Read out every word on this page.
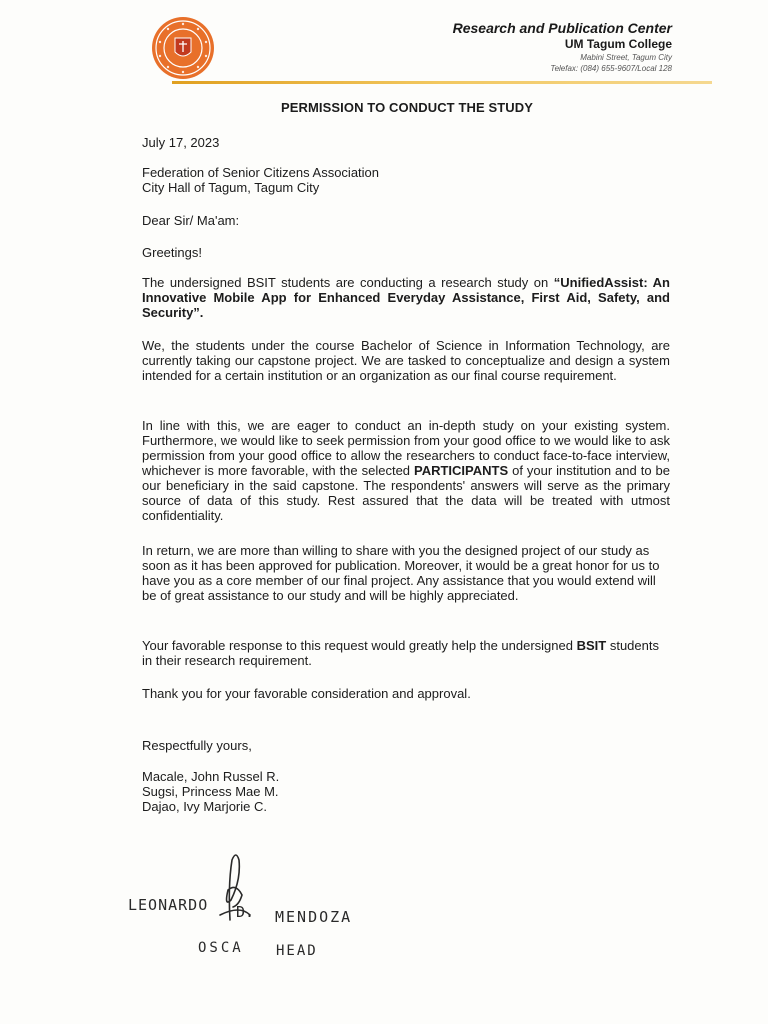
Research and Publication Center
UM Tagum College
Mabini Street, Tagum City
Telefax: (084) 655-9607/Local 128
PERMISSION TO CONDUCT THE STUDY
July 17, 2023
Federation of Senior Citizens Association
City Hall of Tagum, Tagum City
Dear Sir/ Ma'am:
Greetings!
The undersigned BSIT students are conducting a research study on “UnifiedAssist: An Innovative Mobile App for Enhanced Everyday Assistance, First Aid, Safety, and Security”.
We, the students under the course Bachelor of Science in Information Technology, are currently taking our capstone project. We are tasked to conceptualize and design a system intended for a certain institution or an organization as our final course requirement.
In line with this, we are eager to conduct an in-depth study on your existing system. Furthermore, we would like to seek permission from your good office to we would like to ask permission from your good office to allow the researchers to conduct face-to-face interview, whichever is more favorable, with the selected PARTICIPANTS of your institution and to be our beneficiary in the said capstone. The respondents' answers will serve as the primary source of data of this study. Rest assured that the data will be treated with utmost confidentiality.
In return, we are more than willing to share with you the designed project of our study as soon as it has been approved for publication. Moreover, it would be a great honor for us to have you as a core member of our final project. Any assistance that you would extend will be of great assistance to our study and will be highly appreciated.
Your favorable response to this request would greatly help the undersigned BSIT students in their research requirement.
Thank you for your favorable consideration and approval.
Respectfully yours,
Macale, John Russel R.
Sugsi, Princess Mae M.
Dajao, Ivy Marjorie C.
LEONARDO D. MENDOZA
OSCA HEAD
